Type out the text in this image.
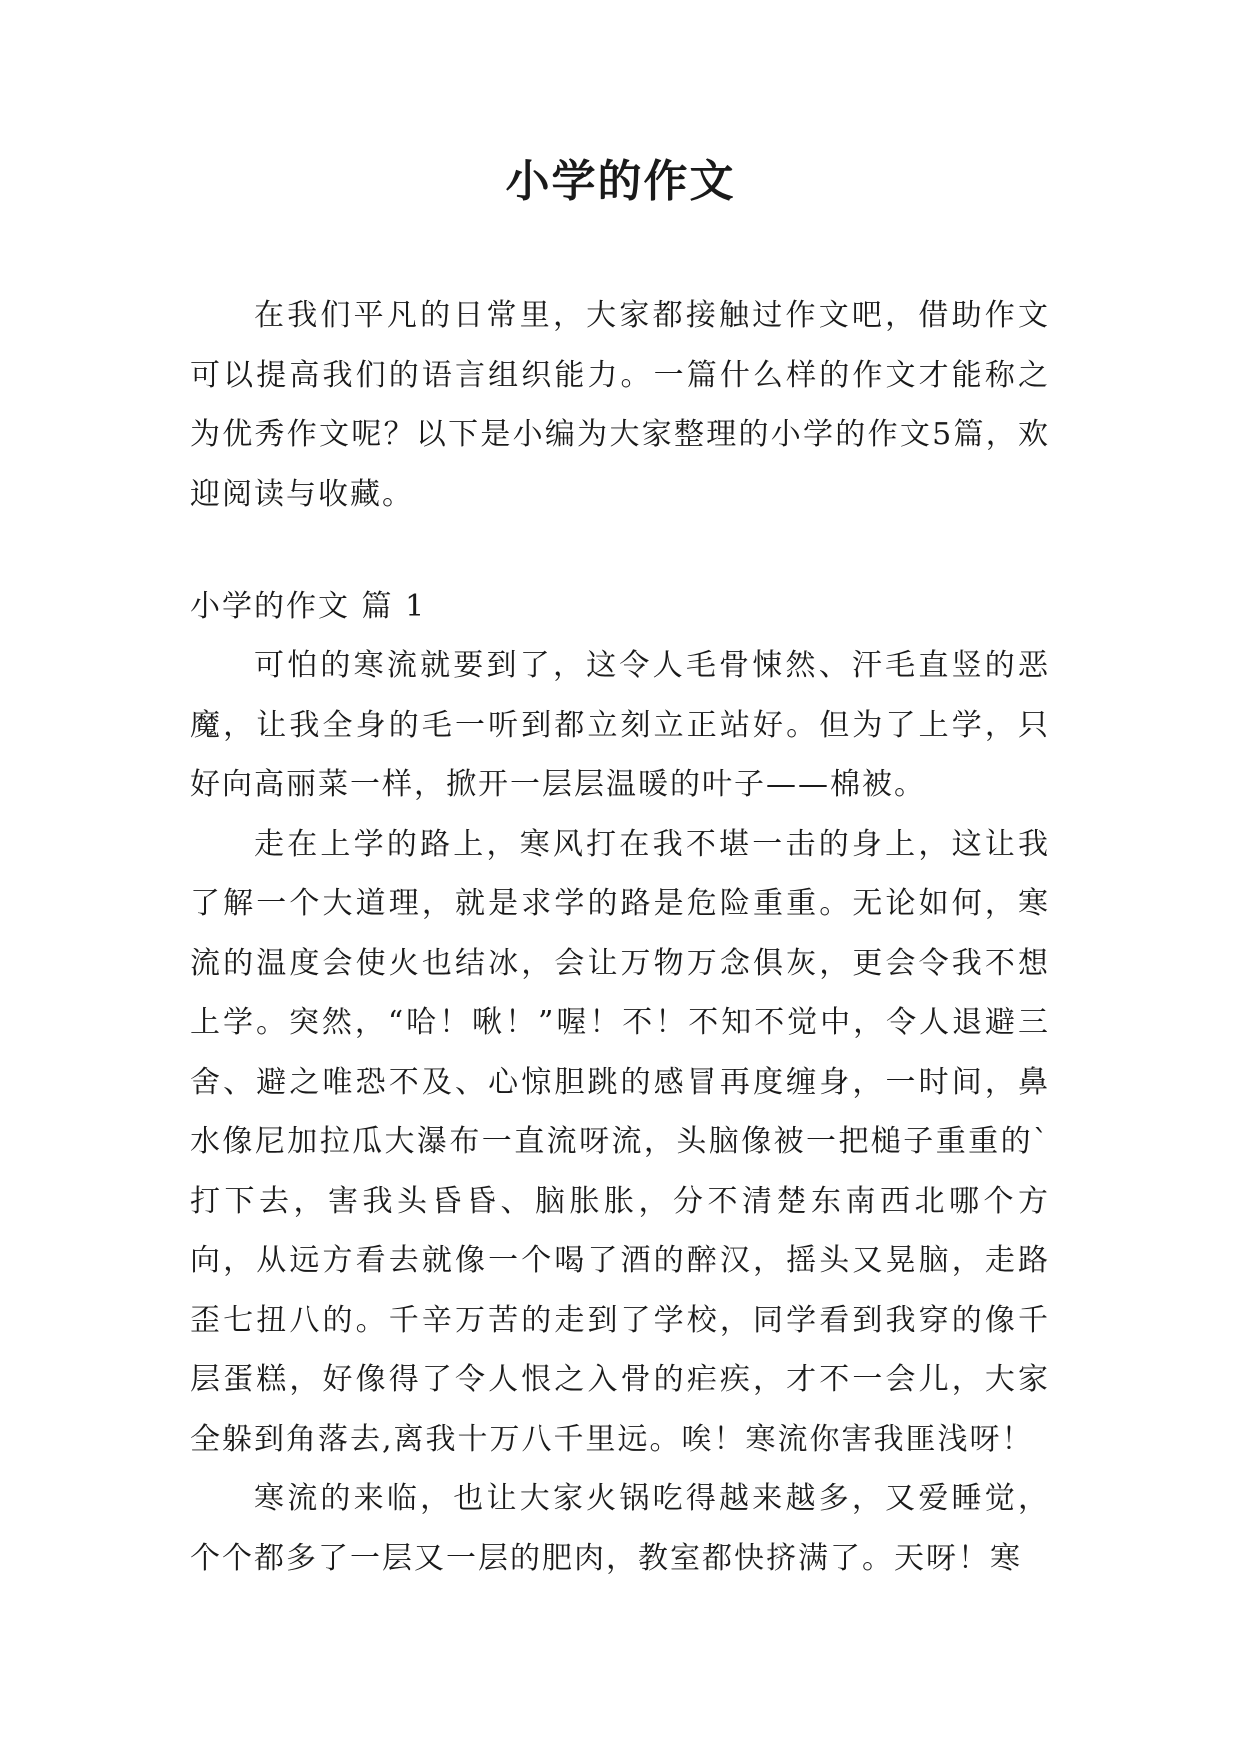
小学的作文

在我们平凡的日常里，大家都接触过作文吧，借助作文可以提高我们的语言组织能力。一篇什么样的作文才能称之为优秀作文呢？以下是小编为大家整理的小学的作文5篇，欢迎阅读与收藏。

小学的作文 篇 1

可怕的寒流就要到了，这令人毛骨悚然、汗毛直竖的恶魔，让我全身的毛一听到都立刻立正站好。但为了上学，只好向高丽菜一样，掀开一层层温暖的叶子——棉被。

走在上学的路上，寒风打在我不堪一击的身上，这让我了解一个大道理，就是求学的路是危险重重。无论如何，寒流的温度会使火也结冰，会让万物万念俱灰，更会令我不想上学。突然，“哈！啾！”喔！不！不知不觉中，令人退避三舍、避之唯恐不及、心惊胆跳的感冒再度缠身，一时间，鼻水像尼加拉瓜大瀑布一直流呀流，头脑像被一把槌子重重的`打下去，害我头昏昏、脑胀胀，分不清楚东南西北哪个方向，从远方看去就像一个喝了酒的醉汉，摇头又晃脑，走路歪七扭八的。千辛万苦的走到了学校，同学看到我穿的像千层蛋糕，好像得了令人恨之入骨的疟疾，才不一会儿，大家全躲到角落去,离我十万八千里远。唉！寒流你害我匪浅呀！

寒流的来临，也让大家火锅吃得越来越多，又爱睡觉，个个都多了一层又一层的肥肉，教室都快挤满了。天呀！寒
